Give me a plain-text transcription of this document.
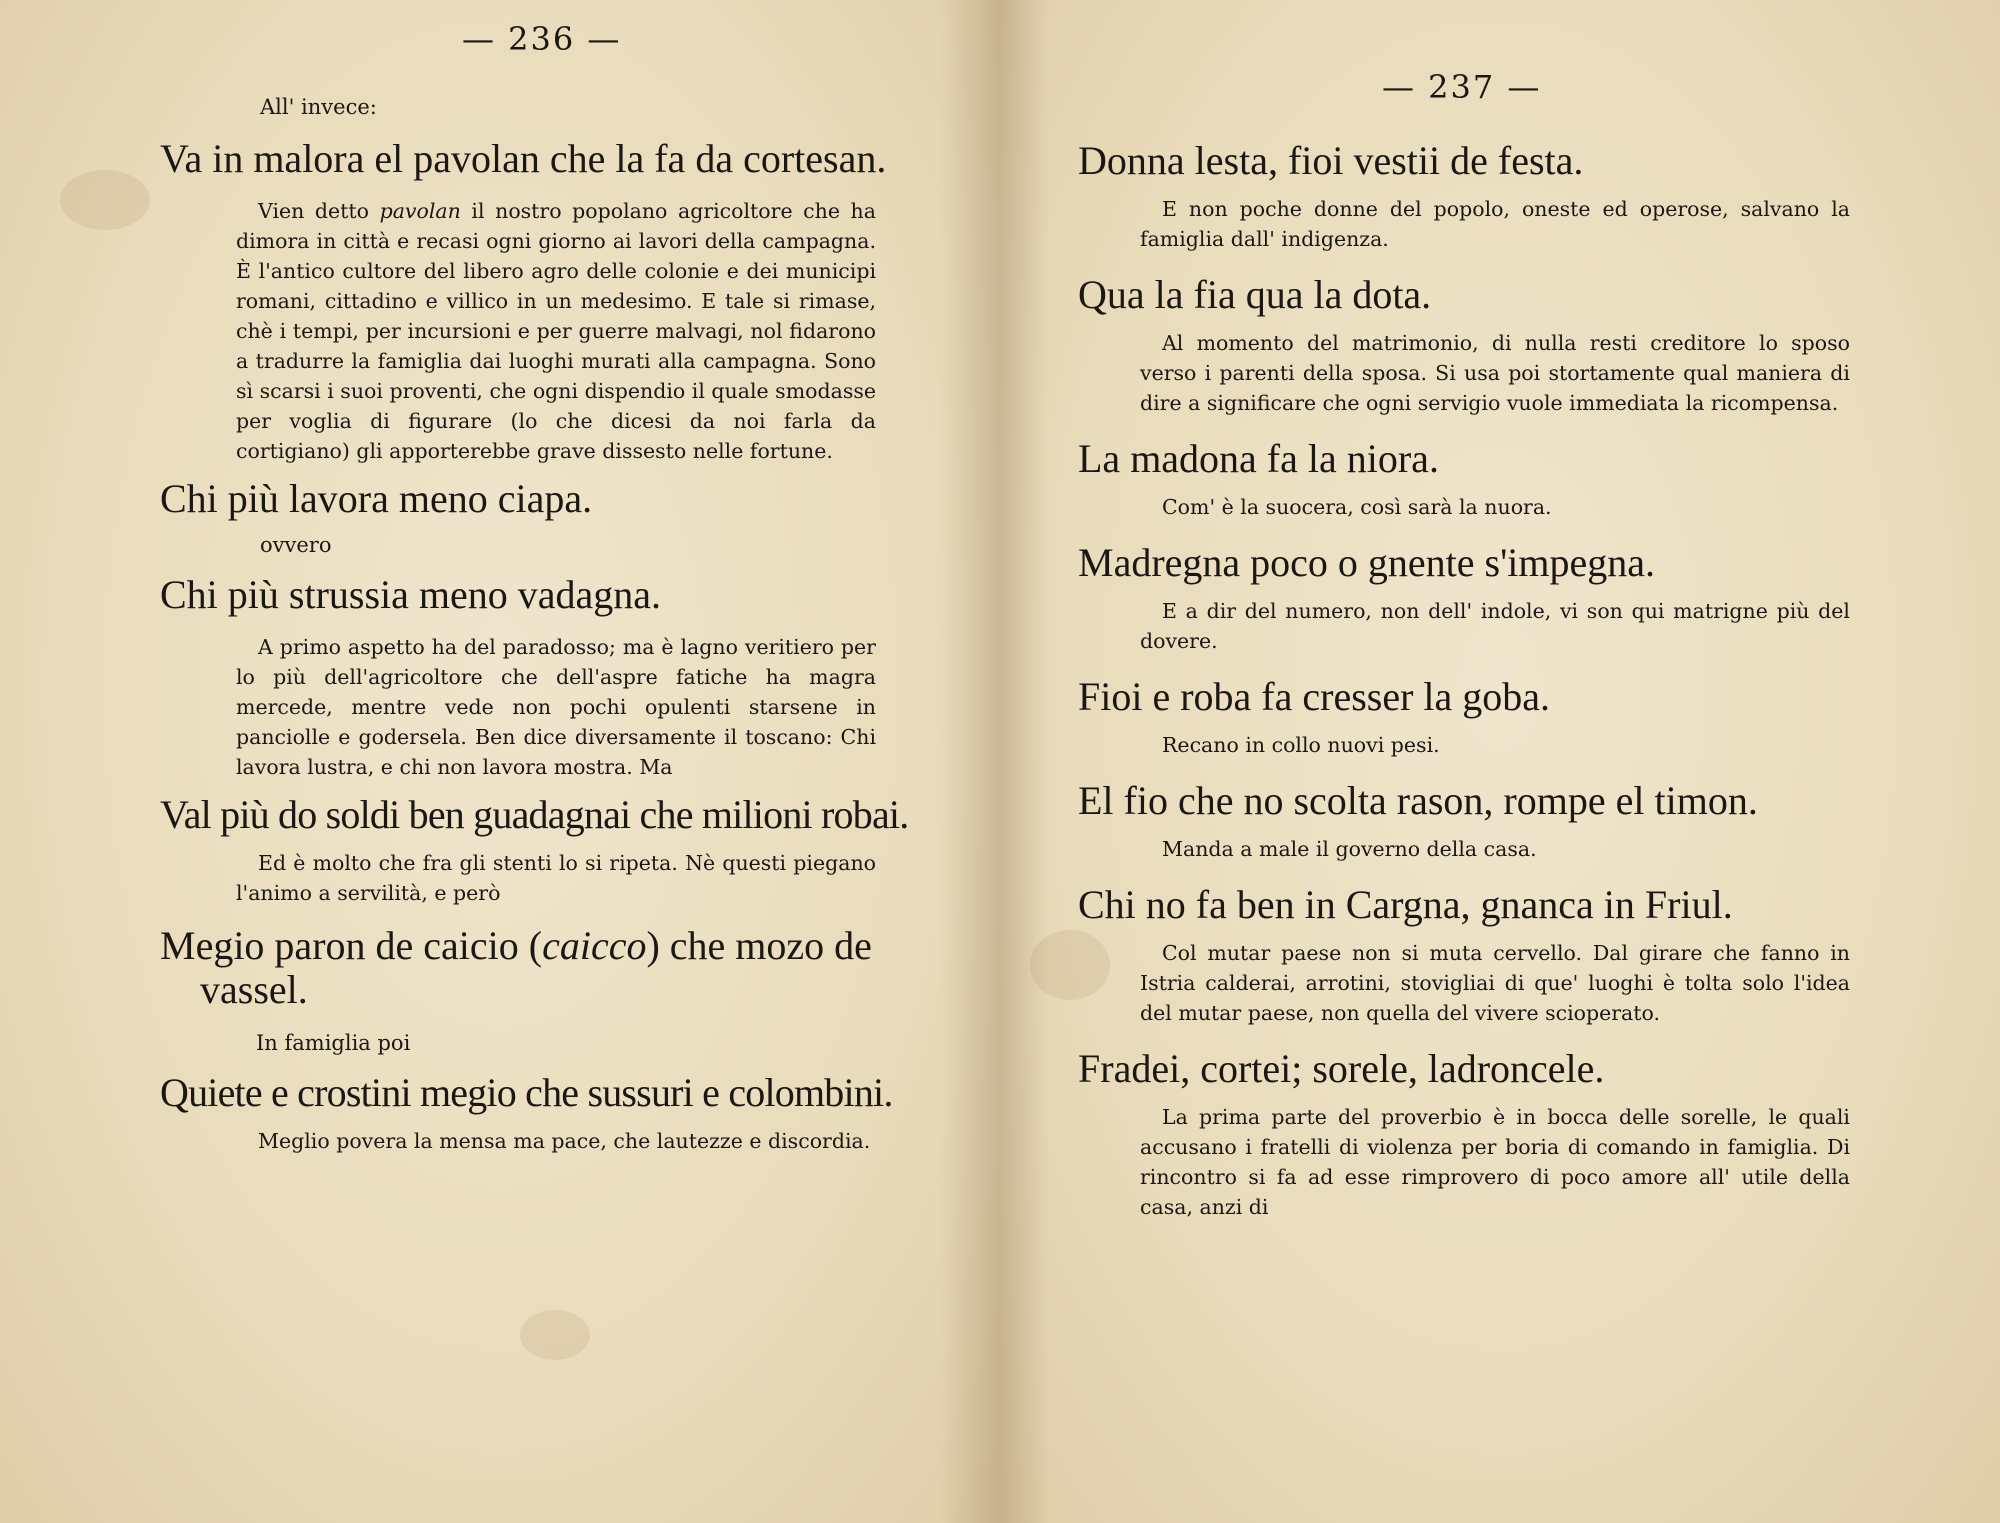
— 236 —

All' invece:

Va in malora el pavolan che la fa da cortesan.

Vien detto pavolan il nostro popolano agricoltore che ha dimora in città e recasi ogni giorno ai lavori della campagna. È l'antico cultore del libero agro delle colonie e dei municipi romani, cittadino e villico in un medesimo. E tale si rimase, chè i tempi, per incursioni e per guerre malvagi, nol fidarono a tradurre la famiglia dai luoghi murati alla campagna. Sono sì scarsi i suoi proventi, che ogni dispendio il quale smodasse per voglia di figurare (lo che dicesi da noi farla da cortigiano) gli apporterebbe grave dissesto nelle fortune.

Chi più lavora meno ciapa.

ovvero

Chi più strussia meno vadagna.

A primo aspetto ha del paradosso; ma è lagno veritiero per lo più dell'agricoltore che dell'aspre fatiche ha magra mercede, mentre vede non pochi opulenti starsene in panciolle e godersela. Ben dice diversamente il toscano: Chi lavora lustra, e chi non lavora mostra. Ma

Val più do soldi ben guadagnai che milioni robai.

Ed è molto che fra gli stenti lo si ripeta. Nè questi piegano l'animo a servilità, e però

Megio paron de caicio (caicco) che mozo de
vassel.

In famiglia poi

Quiete e crostini megio che sussuri e colombini.

Meglio povera la mensa ma pace, che lautezze e discordia.

— 237 —

Donna lesta, fioi vestii de festa.

E non poche donne del popolo, oneste ed operose, salvano la famiglia dall' indigenza.

Qua la fia qua la dota.

Al momento del matrimonio, di nulla resti creditore lo sposo verso i parenti della sposa. Si usa poi stortamente qual maniera di dire a significare che ogni servigio vuole immediata la ricompensa.

La madona fa la niora.

Com' è la suocera, così sarà la nuora.

Madregna poco o gnente s'impegna.

E a dir del numero, non dell' indole, vi son qui matrigne più del dovere.

Fioi e roba fa cresser la goba.

Recano in collo nuovi pesi.

El fio che no scolta rason, rompe el timon.

Manda a male il governo della casa.

Chi no fa ben in Cargna, gnanca in Friul.

Col mutar paese non si muta cervello. Dal girare che fanno in Istria calderai, arrotini, stovigliai di que' luoghi è tolta solo l'idea del mutar paese, non quella del vivere scioperato.

Fradei, cortei; sorele, ladroncele.

La prima parte del proverbio è in bocca delle sorelle, le quali accusano i fratelli di violenza per boria di comando in famiglia. Di rincontro si fa ad esse rimprovero di poco amore all' utile della casa, anzi di
